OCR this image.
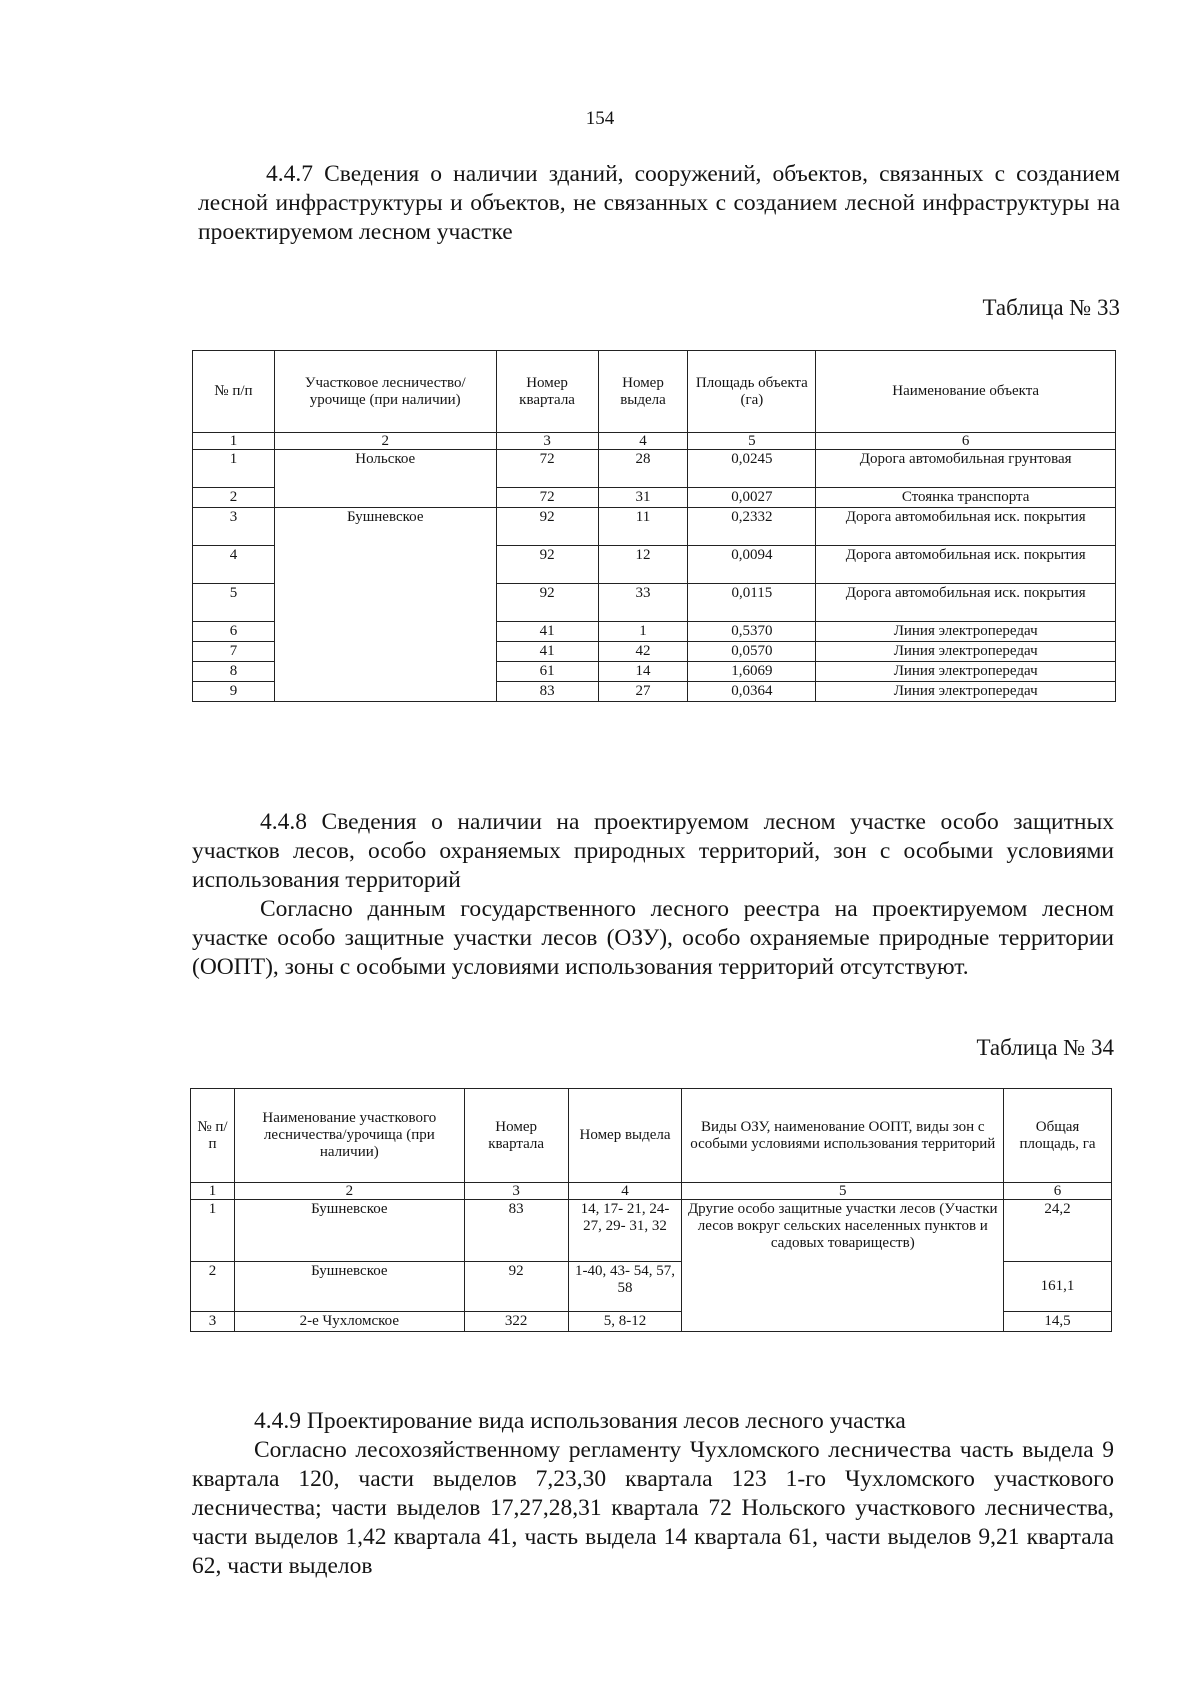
154

4.4.7 Сведения о наличии зданий, сооружений, объектов, связанных с созданием лесной инфраструктуры и объектов, не связанных с созданием лесной инфраструктуры на проектируемом лесном участке

Таблица № 33
№ п/п	Участковое лесничество/урочище (при наличии)	Номер квартала	Номер выдела	Площадь объекта (га)	Наименование объекта
1	2	3	4	5	6
1	Нольское	72	28	0,0245	Дорога автомобильная грунтовая
2		72	31	0,0027	Стоянка транспорта
3	Бушневское	92	11	0,2332	Дорога автомобильная иск. покрытия
4		92	12	0,0094	Дорога автомобильная иск. покрытия
5		92	33	0,0115	Дорога автомобильная иск. покрытия
6		41	1	0,5370	Линия электропередач
7		41	42	0,0570	Линия электропередач
8		61	14	1,6069	Линия электропередач
9		83	27	0,0364	Линия электропередач

4.4.8 Сведения о наличии на проектируемом лесном участке особо защитных участков лесов, особо охраняемых природных территорий, зон с особыми условиями использования территорий

Согласно данным государственного лесного реестра на проектируемом лесном участке особо защитные участки лесов (ОЗУ), особо охраняемые природные территории (ООПТ), зоны с особыми условиями использования территорий отсутствуют.

Таблица № 34
№ п/п	Наименование участкового лесничества/урочища (при наличии)	Номер квартала	Номер выдела	Виды ОЗУ, наименование ООПТ, виды зон с особыми условиями использования территорий	Общая площадь, га
1	2	3	4	5	6
1	Бушневское	83	14, 17- 21, 24-27, 29- 31, 32	Другие особо защитные участки лесов (Участки лесов вокруг сельских населенных пунктов и садовых товариществ)	24,2
2	Бушневское	92	1-40, 43- 54, 57, 58		161,1
3	2-е Чухломское	322	5, 8-12		14,5

4.4.9 Проектирование вида использования лесов лесного участка

Согласно лесохозяйственному регламенту Чухломского лесничества часть выдела 9 квартала 120, части выделов 7,23,30 квартала 123 1-го Чухломского участкового лесничества; части выделов 17,27,28,31 квартала 72 Нольского участкового лесничества, части выделов 1,42 квартала 41, часть выдела 14 квартала 61, части выделов 9,21 квартала 62, части выделов
